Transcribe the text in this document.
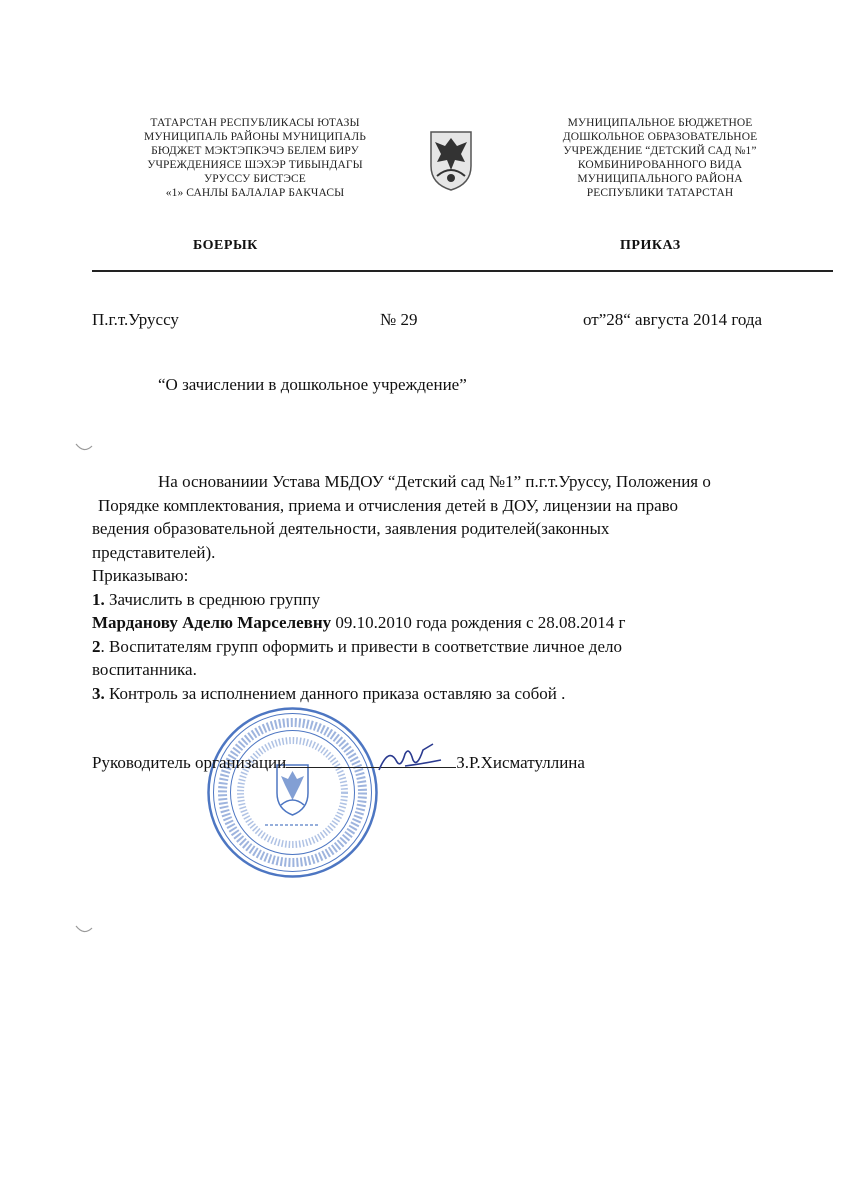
ТАТАРСТАН РЕСПУБЛИКАСЫ ЮТАЗЫ
МУНИЦИПАЛЬ РАЙОНЫ МУНИЦИПАЛЬ
БЮДЖЕТ МЭКТЭПКЭЧЭ БЕЛЕМ БИРУ
УЧРЕЖДЕНИЯСЕ ШЭХЭР ТИБЫНДАГЫ
УРУССУ БИСТЭСЕ
«1» САНЛЫ БАЛАЛАР БАКЧАСЫ
МУНИЦИПАЛЬНОЕ БЮДЖЕТНОЕ
ДОШКОЛЬНОЕ ОБРАЗОВАТЕЛЬНОЕ
УЧРЕЖДЕНИЕ “ДЕТСКИЙ САД №1”
КОМБИНИРОВАННОГО ВИДА
МУНИЦИПАЛЬНОГО РАЙОНА
РЕСПУБЛИКИ ТАТАРСТАН
БОЕРЫК	ПРИКАЗ
П.г.т.Уруссу	№ 29	от”28“ августа 2014 года
“О зачислении в дошкольное учреждение”

На основаниии Устава МБДОУ “Детский сад №1” п.г.т.Уруссу, Положения о

Порядке комплектования, приема и отчисления детей в ДОУ, лицензии на право

ведения образовательной деятельности, заявления родителей(законных

представителей).

Приказываю:

1. Зачислить в среднюю группу

Марданову Аделю Марселевну 09.10.2010 года рождения с 28.08.2014 г

2. Воспитателям групп оформить и привести в соответствие личное дело

воспитанника.

3. Контроль за исполнением данного приказа оставляю за собой .

Руководитель организации	З.Р.Хисматуллина
